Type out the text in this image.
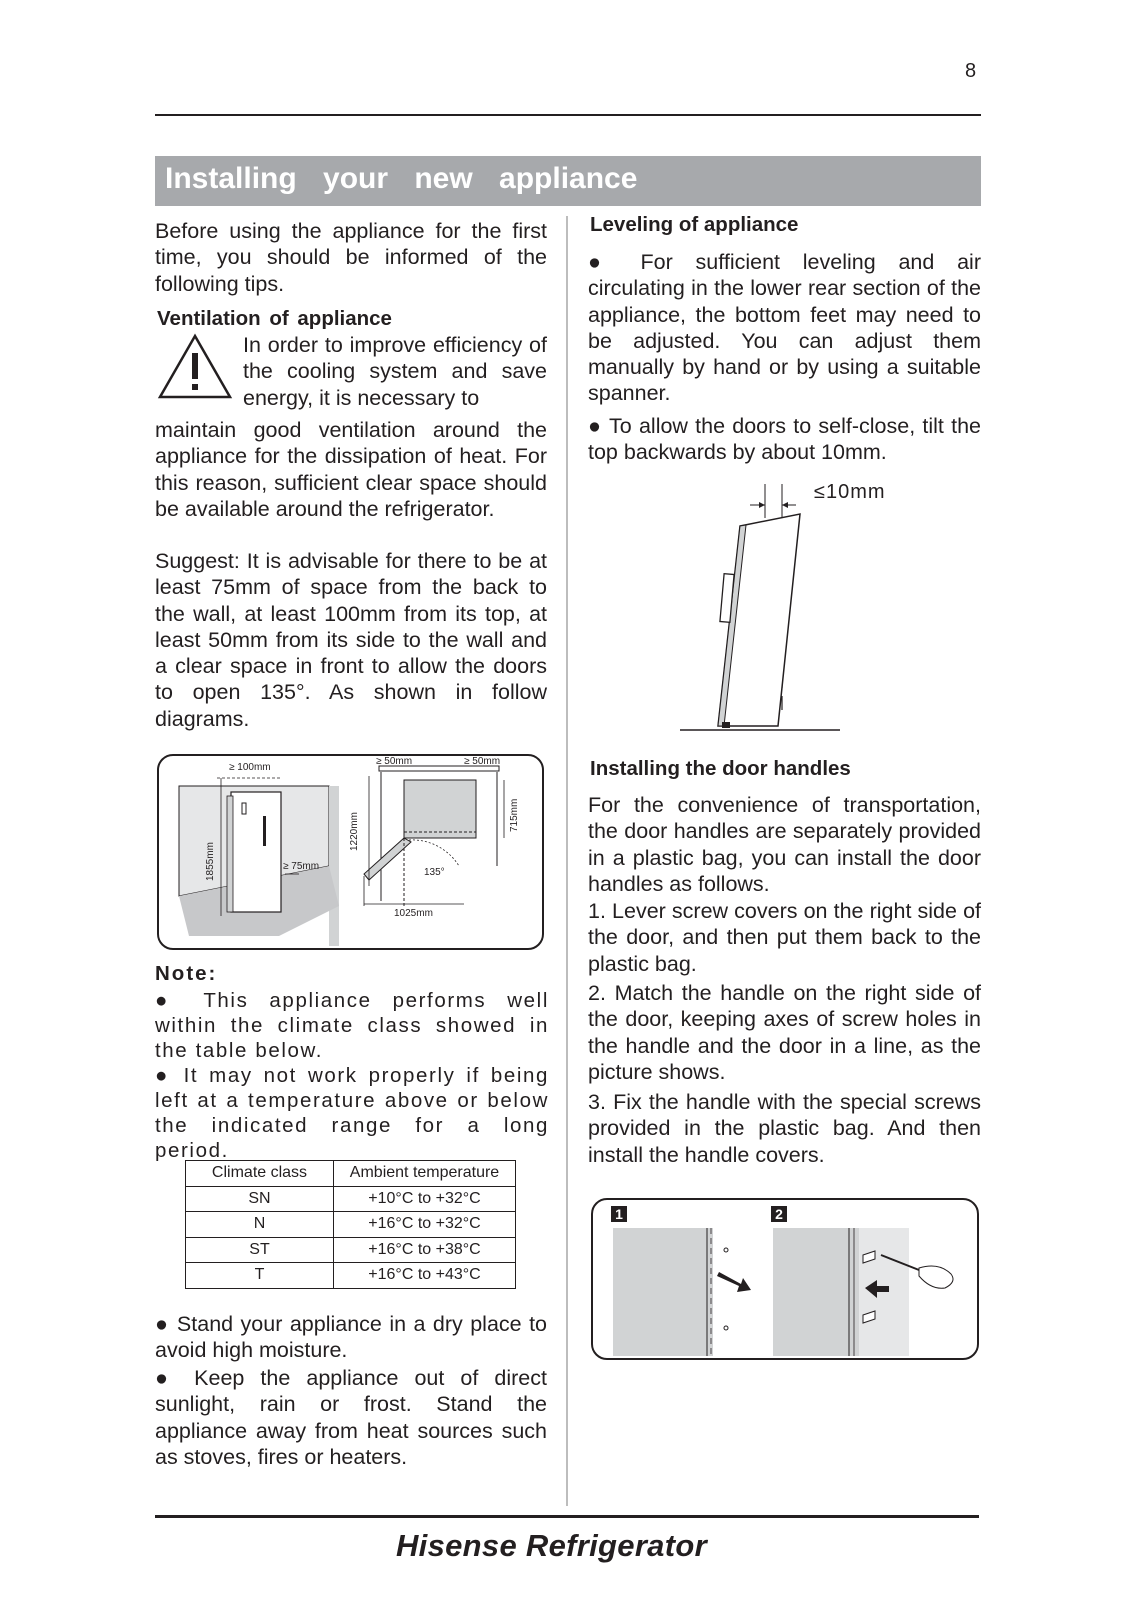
8
Installing your new appliance
Before using the appliance for the first time, you should be informed of the following tips.
Ventilation of appliance
In order to improve efficiency of the cooling system and save energy, it is necessary to
maintain good ventilation around the appliance for the dissipation of heat. For this reason, sufficient clear space should be available around the refrigerator.
Suggest: It is advisable for there to be at least 75mm of space from the back to the wall, at least 100mm from its top, at least 50mm from its side to the wall and a clear space in front to allow the doors to open 135°. As shown in follow diagrams.
≥ 100mm
1855mm	≥ 75mm
≥ 50mm	≥ 50mm
1220mm	715mm
135°
1025mm
Note:
● This appliance performs well within the climate class showed in the table below.
● It may not work properly if being left at a temperature above or below the indicated range for a long period.
Climate class	Ambient temperature
SN	+10°C to +32°C
N	+16°C to +32°C
ST	+16°C to +38°C
T	+16°C to +43°C
● Stand your appliance in a dry place to avoid high moisture.
● Keep the appliance out of direct sunlight, rain or frost. Stand the appliance away from heat sources such as stoves, fires or heaters.
Leveling of appliance
● For sufficient leveling and air circulating in the lower rear section of the appliance, the bottom feet may need to be adjusted. You can adjust them manually by hand or by using a suitable spanner.
● To allow the doors to self-close, tilt the top backwards by about 10mm.
≤10mm
Installing the door handles
For the convenience of transportation, the door handles are separately provided in a plastic bag, you can install the door handles as follows.
1. Lever screw covers on the right side of the door, and then put them back to the plastic bag.
2. Match the handle on the right side of the door, keeping axes of screw holes in the handle and the door in a line, as the picture shows.
3. Fix the handle with the special screws provided in the plastic bag. And then install the handle covers.
1	2
Hisense Refrigerator
